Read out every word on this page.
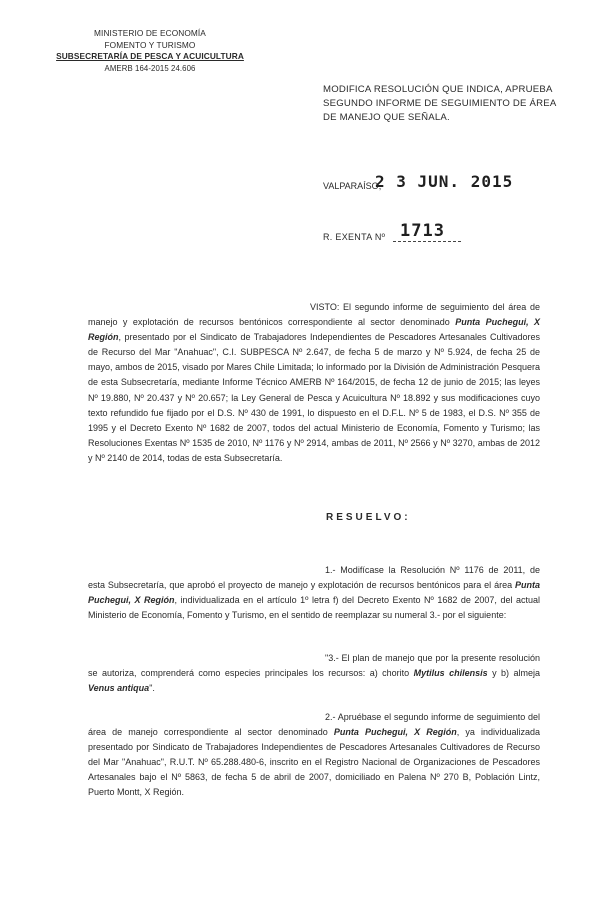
MINISTERIO DE ECONOMÍA
FOMENTO Y TURISMO
SUBSECRETARÍA DE PESCA Y ACUICULTURA
AMERB 164-2015 24.606
MODIFICA RESOLUCIÓN QUE INDICA, APRUEBA SEGUNDO INFORME DE SEGUIMIENTO DE ÁREA DE MANEJO QUE SEÑALA.
VALPARAÍSO,
2 3 JUN. 2015
R. EXENTA Nº 1713
VISTO: El segundo informe de seguimiento del área de manejo y explotación de recursos bentónicos correspondiente al sector denominado Punta Puchegui, X Región, presentado por el Sindicato de Trabajadores Independientes de Pescadores Artesanales Cultivadores de Recurso del Mar "Anahuac", C.I. SUBPESCA Nº 2.647, de fecha 5 de marzo y Nº 5.924, de fecha 25 de mayo, ambos de 2015, visado por Mares Chile Limitada; lo informado por la División de Administración Pesquera de esta Subsecretaría, mediante Informe Técnico AMERB Nº 164/2015, de fecha 12 de junio de 2015; las leyes Nº 19.880, Nº 20.437 y Nº 20.657; la Ley General de Pesca y Acuicultura Nº 18.892 y sus modificaciones cuyo texto refundido fue fijado por el D.S. Nº 430 de 1991, lo dispuesto en el D.F.L. Nº 5 de 1983, el D.S. Nº 355 de 1995 y el Decreto Exento Nº 1682 de 2007, todos del actual Ministerio de Economía, Fomento y Turismo; las Resoluciones Exentas Nº 1535 de 2010, Nº 1176 y Nº 2914, ambas de 2011, Nº 2566 y Nº 3270, ambas de 2012 y Nº 2140 de 2014, todas de esta Subsecretaría.
RESUELVO:
1.- Modifícase la Resolución Nº 1176 de 2011, de esta Subsecretaría, que aprobó el proyecto de manejo y explotación de recursos bentónicos para el área Punta Puchegui, X Región, individualizada en el artículo 1º letra f) del Decreto Exento Nº 1682 de 2007, del actual Ministerio de Economía, Fomento y Turismo, en el sentido de reemplazar su numeral 3.- por el siguiente:
"3.- El plan de manejo que por la presente resolución se autoriza, comprenderá como especies principales los recursos: a) chorito Mytilus chilensis y b) almeja Venus antiqua".
2.- Apruébase el segundo informe de seguimiento del área de manejo correspondiente al sector denominado Punta Puchegui, X Región, ya individualizada presentado por Sindicato de Trabajadores Independientes de Pescadores Artesanales Cultivadores de Recurso del Mar "Anahuac", R.U.T. Nº 65.288.480-6, inscrito en el Registro Nacional de Organizaciones de Pescadores Artesanales bajo el Nº 5863, de fecha 5 de abril de 2007, domiciliado en Palena Nº 270 B, Población Lintz, Puerto Montt, X Región.
